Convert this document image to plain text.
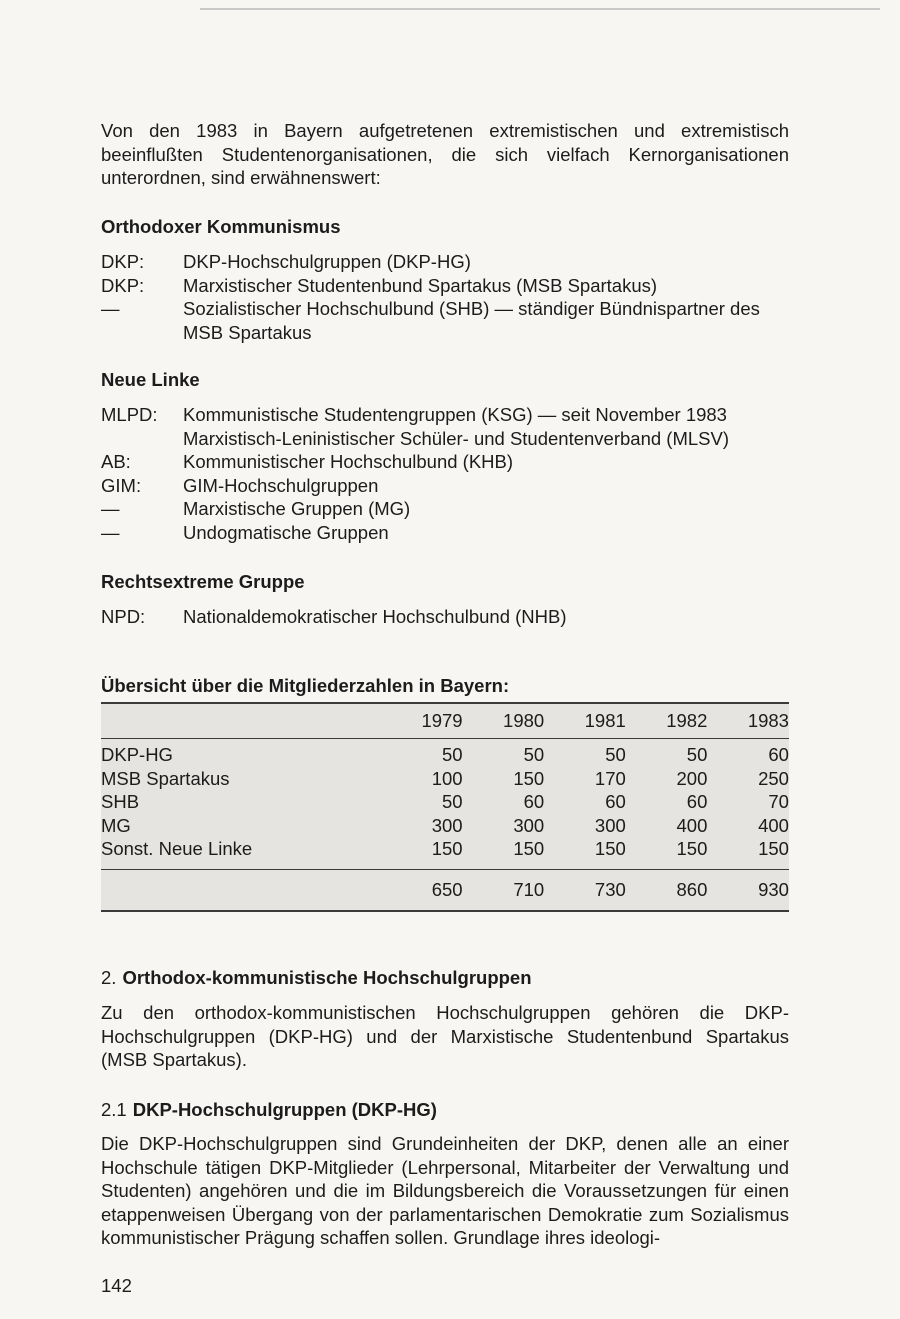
Von den 1983 in Bayern aufgetretenen extremistischen und extremistisch beeinflußten Studentenorganisationen, die sich vielfach Kernorganisationen unterordnen, sind erwähnenswert:

Orthodoxer Kommunismus
DKP:	DKP-Hochschulgruppen (DKP-HG)
DKP:	Marxistischer Studentenbund Spartakus (MSB Spartakus)
—	Sozialistischer Hochschulbund (SHB) — ständiger Bündnispartner des MSB Spartakus
Neue Linke
MLPD:	Kommunistische Studentengruppen (KSG) — seit November 1983
Marxistisch-Leninistischer Schüler- und Studentenverband (MLSV)
AB:	Kommunistischer Hochschulbund (KHB)
GIM:	GIM-Hochschulgruppen
—	Marxistische Gruppen (MG)
—	Undogmatische Gruppen
Rechtsextreme Gruppe
NPD:	Nationaldemokratischer Hochschulbund (NHB)
Übersicht über die Mitgliederzahlen in Bayern:
1979	1980	1981	1982	1983
DKP-HG	50	50	50	50	60
MSB Spartakus	100	150	170	200	250
SHB	50	60	60	60	70
MG	300	300	300	400	400
Sonst. Neue Linke	150	150	150	150	150
650	710	730	860	930
2. Orthodox-kommunistische Hochschulgruppen

Zu den orthodox-kommunistischen Hochschulgruppen gehören die DKP-Hochschulgruppen (DKP-HG) und der Marxistische Studentenbund Spartakus (MSB Spartakus).

2.1 DKP-Hochschulgruppen (DKP-HG)

Die DKP-Hochschulgruppen sind Grundeinheiten der DKP, denen alle an einer Hochschule tätigen DKP-Mitglieder (Lehrpersonal, Mitarbeiter der Verwaltung und Studenten) angehören und die im Bildungsbereich die Voraussetzungen für einen etappenweisen Übergang von der parlamentarischen Demokratie zum Sozialismus kommunistischer Prägung schaffen sollen. Grundlage ihres ideologi-

142
